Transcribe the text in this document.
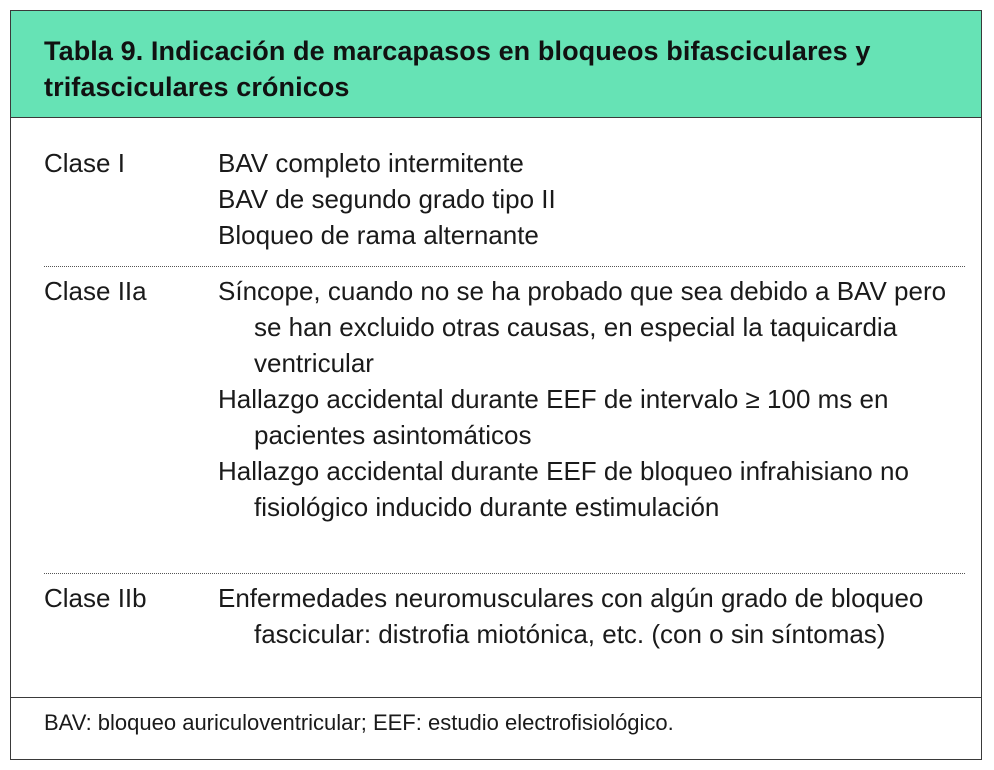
Tabla 9. Indicación de marcapasos en bloqueos bifasciculares y trifasciculares crónicos
Clase I	BAV completo intermitente
BAV de segundo grado tipo II
Bloqueo de rama alternante
Clase IIa	Síncope, cuando no se ha probado que sea debido a BAV pero se han excluido otras causas, en especial la taquicardia ventricular
Hallazgo accidental durante EEF de intervalo ≥ 100 ms en pacientes asintomáticos
Hallazgo accidental durante EEF de bloqueo infrahisiano no fisiológico inducido durante estimulación
Clase IIb	Enfermedades neuromusculares con algún grado de bloqueo fascicular: distrofia miotónica, etc. (con o sin síntomas)
BAV: bloqueo auriculoventricular; EEF: estudio electrofisiológico.
